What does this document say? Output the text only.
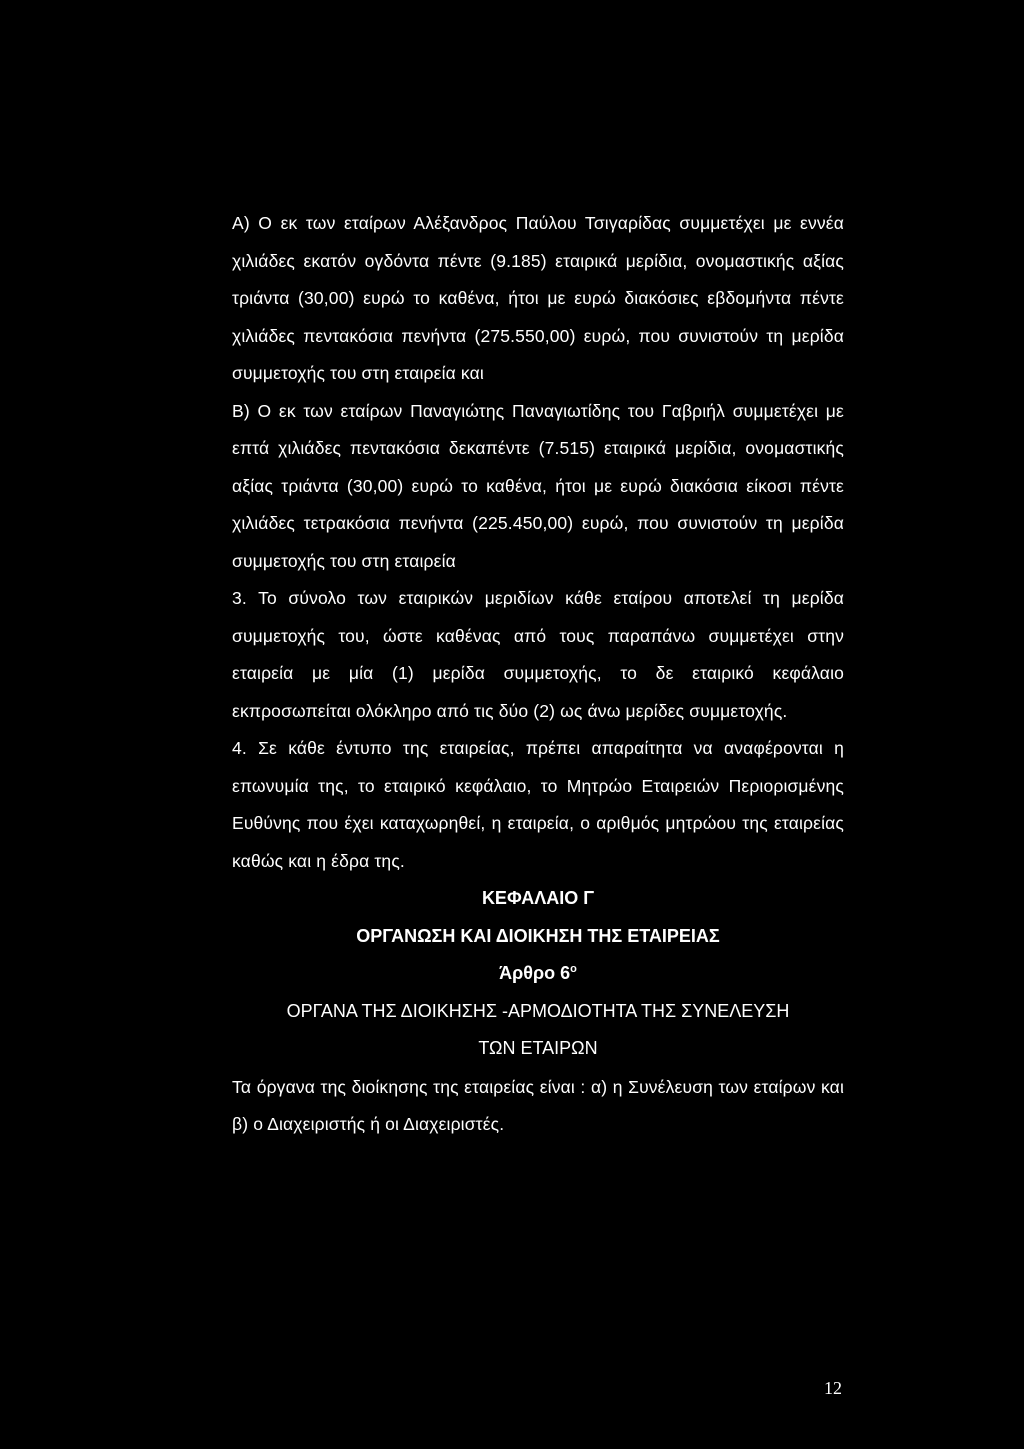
Α) Ο εκ των εταίρων Αλέξανδρος Παύλου Τσιγαρίδας συμμετέχει με εννέα χιλιάδες εκατόν ογδόντα πέντε (9.185) εταιρικά μερίδια, ονομαστικής αξίας τριάντα (30,00) ευρώ το καθένα, ήτοι με ευρώ διακόσιες εβδομήντα πέντε χιλιάδες πεντακόσια πενήντα (275.550,00) ευρώ, που συνιστούν τη μερίδα συμμετοχής του στη εταιρεία και

Β) Ο εκ των εταίρων Παναγιώτης Παναγιωτίδης του Γαβριήλ συμμετέχει με επτά χιλιάδες πεντακόσια δεκαπέντε (7.515) εταιρικά μερίδια, ονομαστικής αξίας τριάντα (30,00) ευρώ το καθένα, ήτοι με ευρώ διακόσια είκοσι πέντε χιλιάδες τετρακόσια πενήντα (225.450,00) ευρώ, που συνιστούν τη μερίδα συμμετοχής του στη εταιρεία

3. Το σύνολο των εταιρικών μεριδίων κάθε εταίρου αποτελεί τη μερίδα συμμετοχής του, ώστε καθένας από τους παραπάνω συμμετέχει στην εταιρεία με μία (1) μερίδα συμμετοχής, το δε εταιρικό κεφάλαιο εκπροσωπείται ολόκληρο από τις δύο (2) ως άνω μερίδες συμμετοχής.

4. Σε κάθε έντυπο της εταιρείας, πρέπει απαραίτητα να αναφέρονται η επωνυμία της, το εταιρικό κεφάλαιο, το Μητρώο Εταιρειών Περιορισμένης Ευθύνης που έχει καταχωρηθεί, η εταιρεία, ο αριθμός μητρώου της εταιρείας καθώς και η έδρα της.

ΚΕΦΑΛΑΙΟ Γ

ΟΡΓΑΝΩΣΗ ΚΑΙ ΔΙΟΙΚΗΣΗ ΤΗΣ ΕΤΑΙΡΕΙΑΣ

Άρθρο $6^o$

ΟΡΓΑΝΑ ΤΗΣ ΔΙΟΙΚΗΣΗΣ -ΑΡΜΟΔΙΟΤΗΤΑ ΤΗΣ ΣΥΝΕΛΕΥΣΗ

ΤΩΝ ΕΤΑΙΡΩΝ

Τα όργανα της διοίκησης της εταιρείας είναι : α) η Συνέλευση των εταίρων και β) ο Διαχειριστής ή οι Διαχειριστές.

12
